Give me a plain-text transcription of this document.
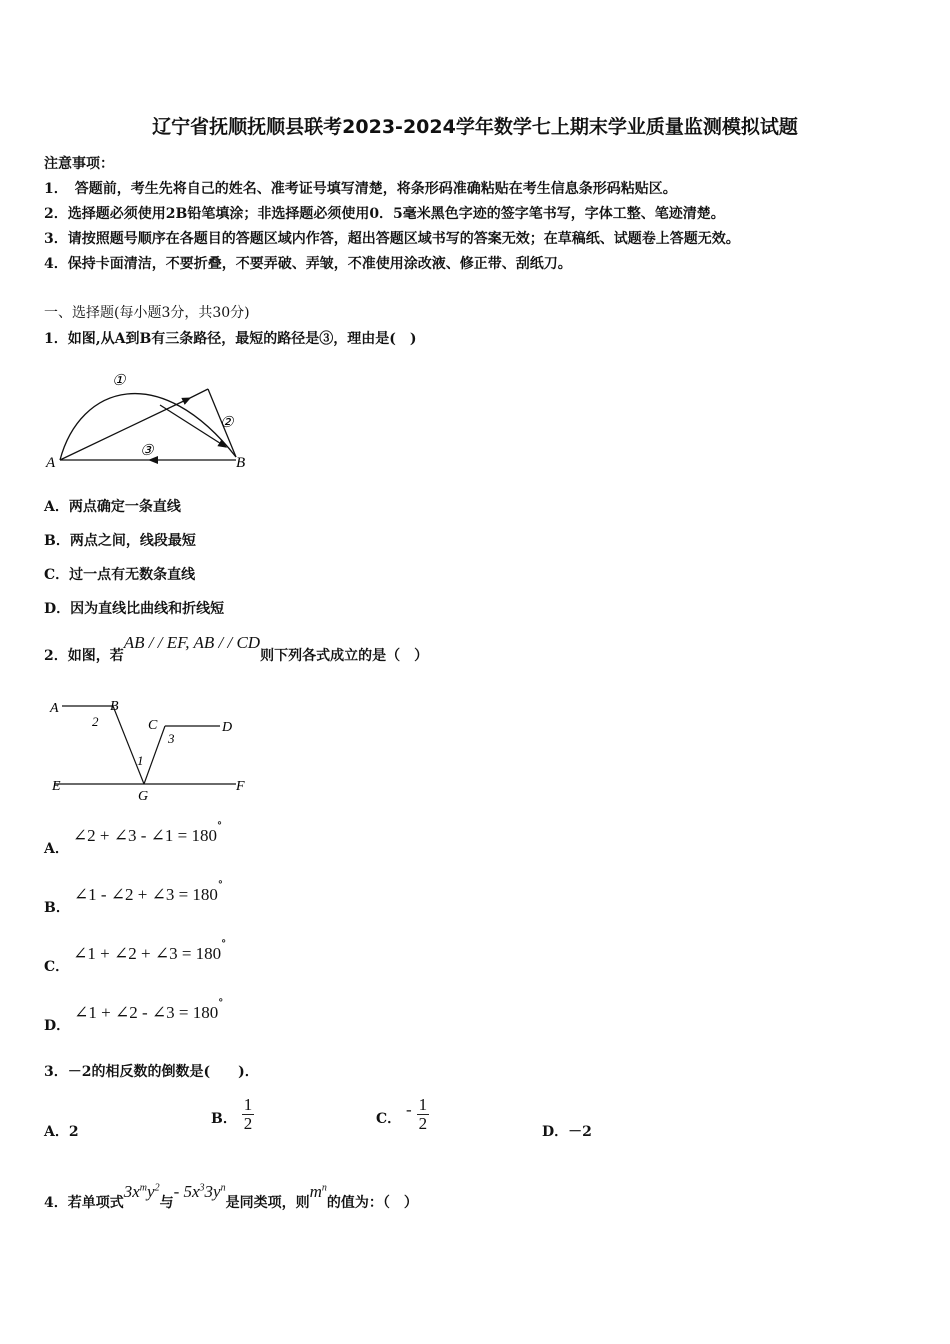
辽宁省抚顺抚顺县联考2023-2024学年数学七上期末学业质量监测模拟试题
注意事项：
1．　答题前，考生先将自己的姓名、准考证号填写清楚，将条形码准确粘贴在考生信息条形码粘贴区。
2．选择题必须使用2B铅笔填涂；非选择题必须使用0．5毫米黑色字迹的签字笔书写，字体工整、笔迹清楚。
3．请按照题号顺序在各题目的答题区域内作答，超出答题区域书写的答案无效；在草稿纸、试题卷上答题无效。
4．保持卡面清洁，不要折叠，不要弄破、弄皱，不准使用涂改液、修正带、刮纸刀。
一、选择题(每小题3分，共30分)
1．如图,从A到B有三条路径，最短的路径是③，理由是(　)
A	B
①
②
③
A．两点确定一条直线
B．两点之间，线段最短
C．过一点有无数条直线
D．因为直线比曲线和折线短
2．如图，若AB / / EF, AB / / CD则下列各式成立的是（　）
A	B
C	D
E	F
G
1
2
3
A．∠2 + ∠3 - ∠1 = 180°
B．∠1 - ∠2 + ∠3 = 180°
C．∠1 + ∠2 + ∠3 = 180°
D．∠1 + ∠2 - ∠3 = 180°
3．－2的相反数的倒数是(　　)．
A．2
B． $\frac{1}{2}$	C． - $\frac{1}{2}$	D．－2
4．若单项式$3x^my^2$与- $5x^33y^n$是同类项，则$m^n$的值为：（　）
